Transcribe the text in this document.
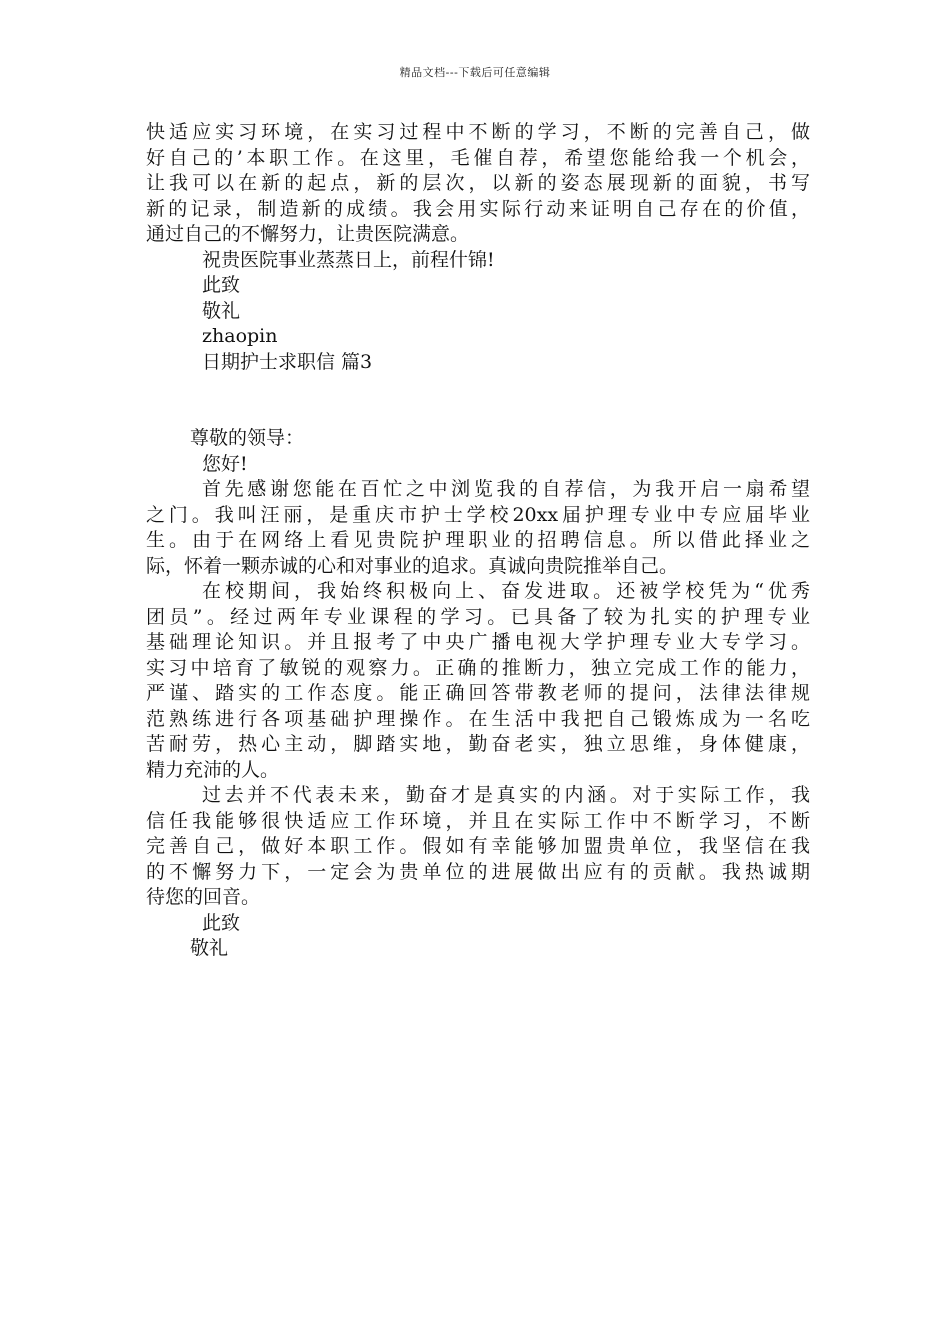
精品文档---下载后可任意编辑
快适应实习环境，在实习过程中不断的学习，不断的完善自己，做
好自己的’本职工作。在这里，毛催自荐，希望您能给我一个机会，
让我可以在新的起点，新的层次，以新的姿态展现新的面貌，书写
新的记录，制造新的成绩。我会用实际行动来证明自己存在的价值，
通过自己的不懈努力，让贵医院满意。
祝贵医院事业蒸蒸日上，前程什锦!
此致
敬礼
zhaopin
日期护士求职信 篇3
尊敬的领导：
您好!
首先感谢您能在百忙之中浏览我的自荐信，为我开启一扇希望
之门。我叫汪丽，是重庆市护士学校20xx届护理专业中专应届毕业
生。由于在网络上看见贵院护理职业的招聘信息。所以借此择业之
际，怀着一颗赤诚的心和对事业的追求。真诚向贵院推举自己。
在校期间，我始终积极向上、奋发进取。还被学校凭为“优秀
团员”。经过两年专业课程的学习。已具备了较为扎实的护理专业
基础理论知识。并且报考了中央广播电视大学护理专业大专学习。
实习中培育了敏锐的观察力。正确的推断力，独立完成工作的能力，
严谨、踏实的工作态度。能正确回答带教老师的提问，法律法律规
范熟练进行各项基础护理操作。在生活中我把自己锻炼成为一名吃
苦耐劳，热心主动，脚踏实地，勤奋老实，独立思维，身体健康，
精力充沛的人。
过去并不代表未来，勤奋才是真实的内涵。对于实际工作，我
信任我能够很快适应工作环境，并且在实际工作中不断学习，不断
完善自己，做好本职工作。假如有幸能够加盟贵单位，我坚信在我
的不懈努力下，一定会为贵单位的进展做出应有的贡献。我热诚期
待您的回音。
此致
敬礼
